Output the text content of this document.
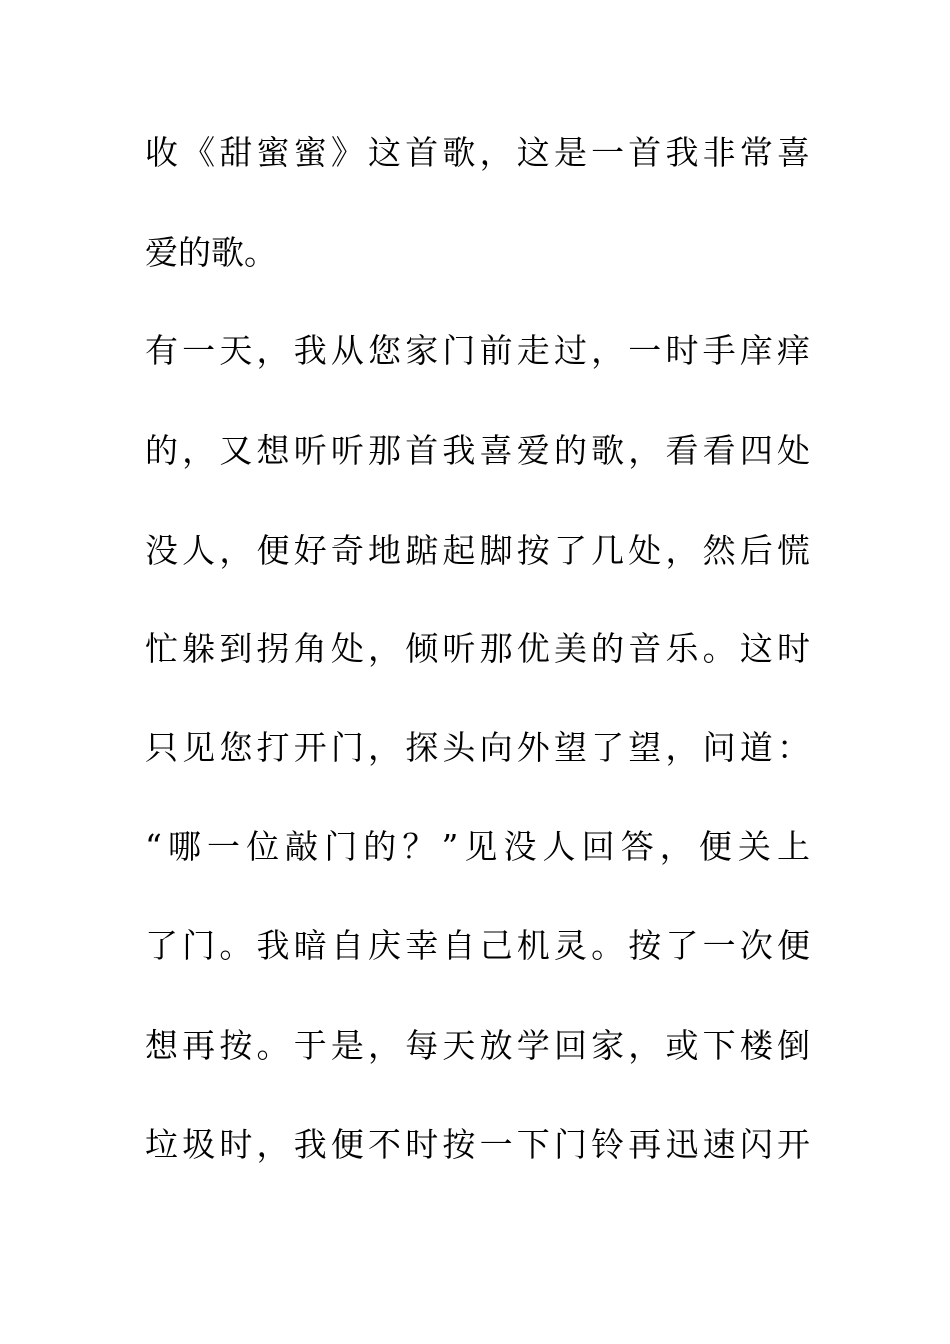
收《甜蜜蜜》这首歌，这是一首我非常喜
爱的歌。
有一天，我从您家门前走过，一时手庠痒
的，又想听听那首我喜爱的歌，看看四处
没人，便好奇地踮起脚按了几处，然后慌
忙躲到拐角处，倾听那优美的音乐。这时
只见您打开门，探头向外望了望，问道：
“哪一位敲门的？”见没人回答，便关上
了门。我暗自庆幸自己机灵。按了一次便
想再按。于是，每天放学回家，或下楼倒
垃圾时，我便不时按一下门铃再迅速闪开
